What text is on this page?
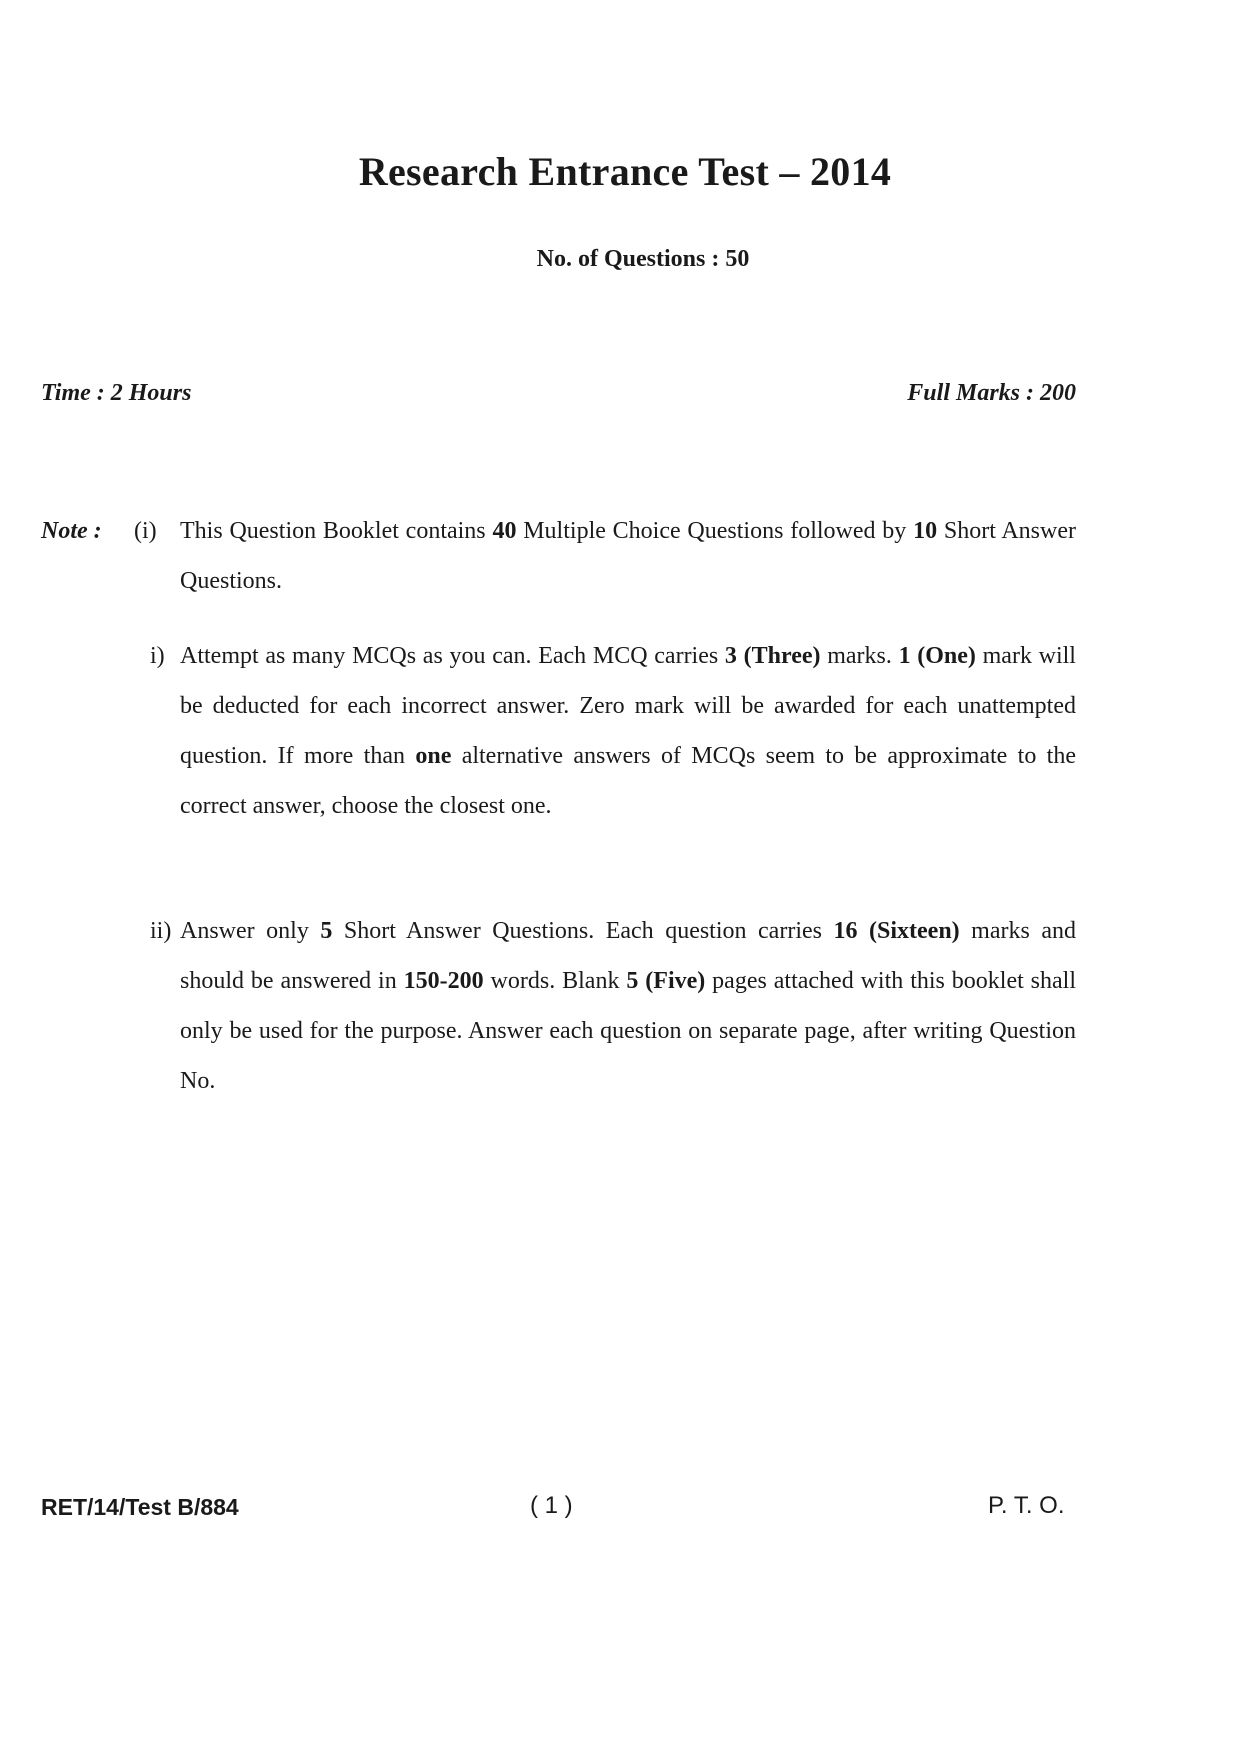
Research Entrance Test – 2014
No. of Questions : 50
Time : 2 Hours	Full Marks : 200
Note : (i) This Question Booklet contains 40 Multiple Choice Questions followed by 10 Short Answer Questions.
i) Attempt as many MCQs as you can. Each MCQ carries 3 (Three) marks. 1 (One) mark will be deducted for each incorrect answer. Zero mark will be awarded for each unattempted question. If more than one alternative answers of MCQs seem to be approximate to the correct answer, choose the closest one.
ii) Answer only 5 Short Answer Questions. Each question carries 16 (Sixteen) marks and should be answered in 150-200 words. Blank 5 (Five) pages attached with this booklet shall only be used for the purpose. Answer each question on separate page, after writing Question No.
RET/14/Test B/884	( 1 )	P. T. O.
